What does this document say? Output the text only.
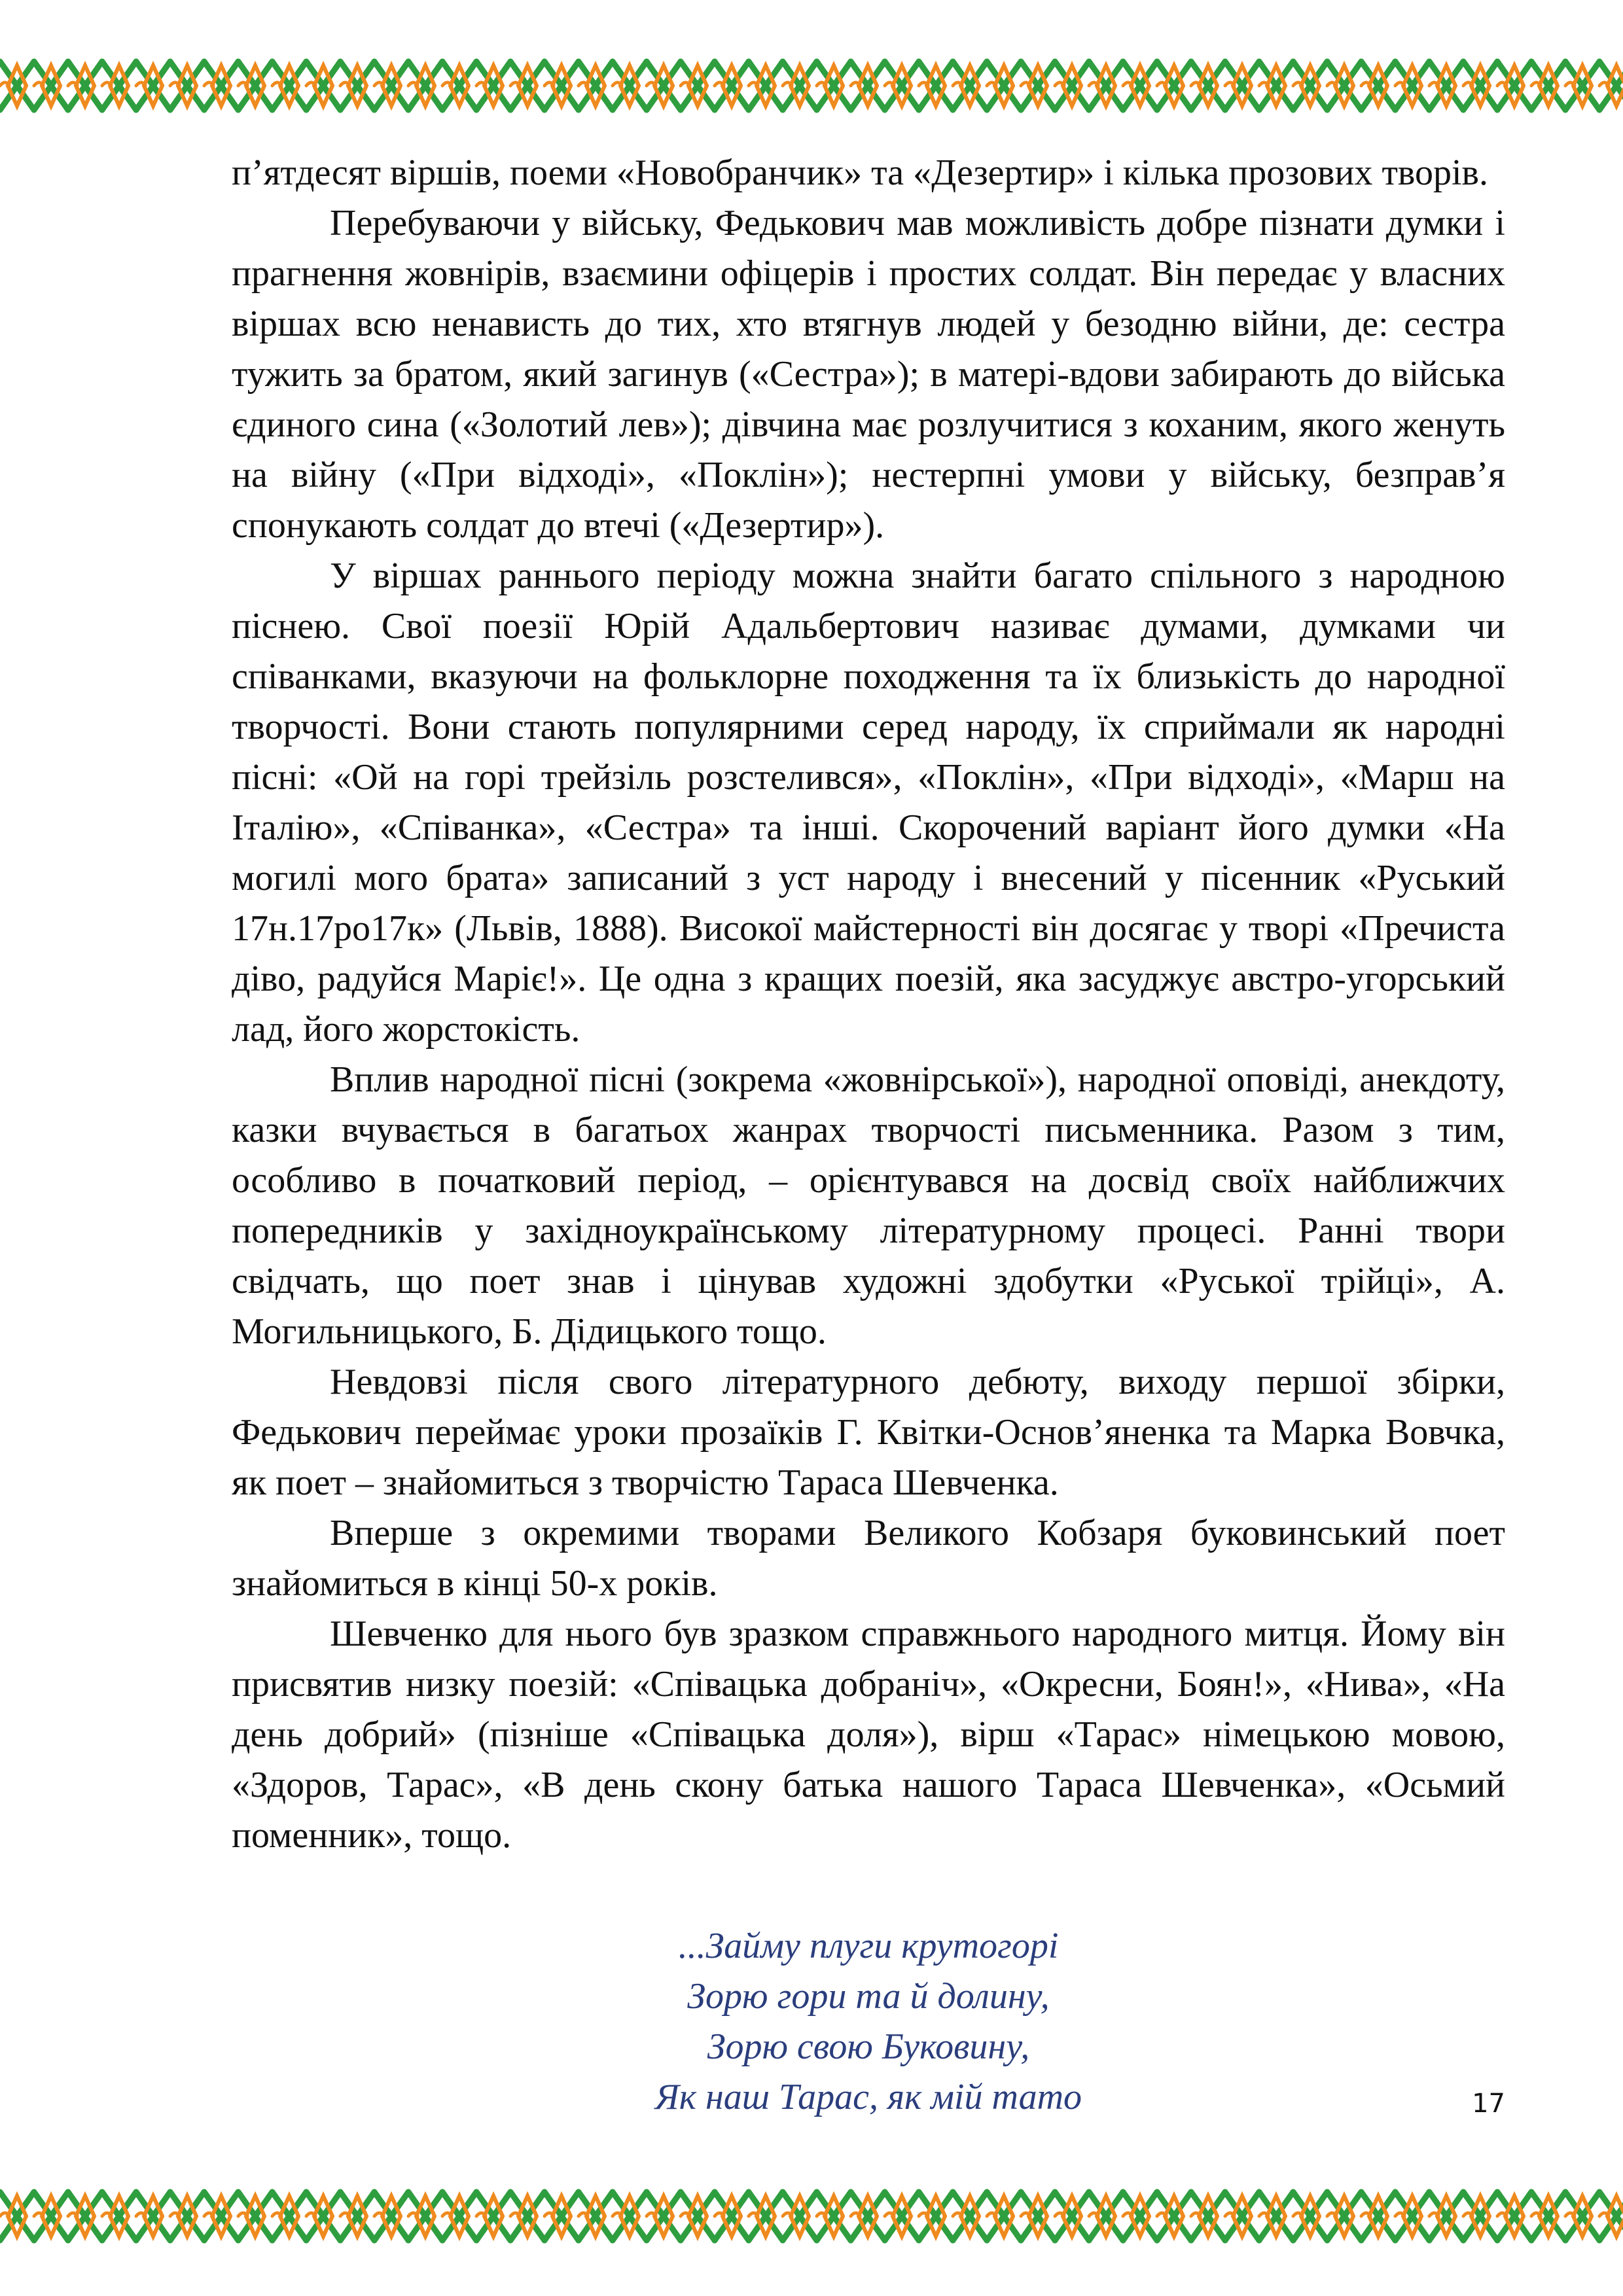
п’ятдесят віршів, поеми «Новобранчик» та «Дезертир» і кілька прозових творів.

Перебуваючи у війську, Федькович мав можливість добре пізнати думки і прагнення жовнірів, взаємини офіцерів і простих солдат. Він передає у власних віршах всю ненависть до тих, хто втягнув людей у безодню війни, де: сестра тужить за братом, який загинув («Сестра»); в матері-вдови забирають до війська єдиного сина («Золотий лев»); дівчина має розлучитися з коханим, якого женуть на війну («При відході», «Поклін»); нестерпні умови у війську, безправ’я спонукають солдат до втечі («Дезертир»).

У віршах раннього періоду можна знайти багато спільного з народною піснею. Свої поезії Юрій Адальбертович називає думами, думками чи співанками, вказуючи на фольклорне походження та їх близькість до народної творчості. Вони стають популярними серед народу, їх сприймали як народні пісні: «Ой на горі трейзіль розстелився», «Поклін», «При відході», «Марш на Італію», «Співанка», «Сестра» та інші. Скорочений варіант його думки «На могилі мого брата» записаний з уст народу і внесений у пісенник «Руський 17н.17ро17к» (Львів, 1888). Високої майстерності він досягає у творі «Пречиста діво, радуйся Маріє!». Це одна з кращих поезій, яка засуджує австро-угорський лад, його жорстокість.

Вплив народної пісні (зокрема «жовнірської»), народної оповіді, анекдоту, казки вчувається в багатьох жанрах творчості письменника. Разом з тим, особливо в початковий період, – орієнтувався на досвід своїх найближчих попередників у західноукраїнському літературному процесі. Ранні твори свідчать, що поет знав і цінував художні здобутки «Руської трійці», А. Могильницького, Б. Дідицького тощо.

Невдовзі після свого літературного дебюту, виходу першої збірки, Федькович переймає уроки прозаїків Г. Квітки-Основ’яненка та Марка Вовчка, як поет – знайомиться з творчістю Тараса Шевченка.

Вперше з окремими творами Великого Кобзаря буковинський поет знайомиться в кінці 50-х років.

Шевченко для нього був зразком справжнього народного митця. Йому він присвятив низку поезій: «Співацька добраніч», «Окресни, Боян!», «Нива», «На день добрий» (пізніше «Співацька доля»), вірш «Тарас» німецькою мовою, «Здоров, Тарас», «В день скону батька нашого Тараса Шевченка», «Осьмий поменник», тощо.

...Займу плуги крутогорі
Зорю гори та й долину,
Зорю свою Буковину,
Як наш Тарас, як мій тато	17
